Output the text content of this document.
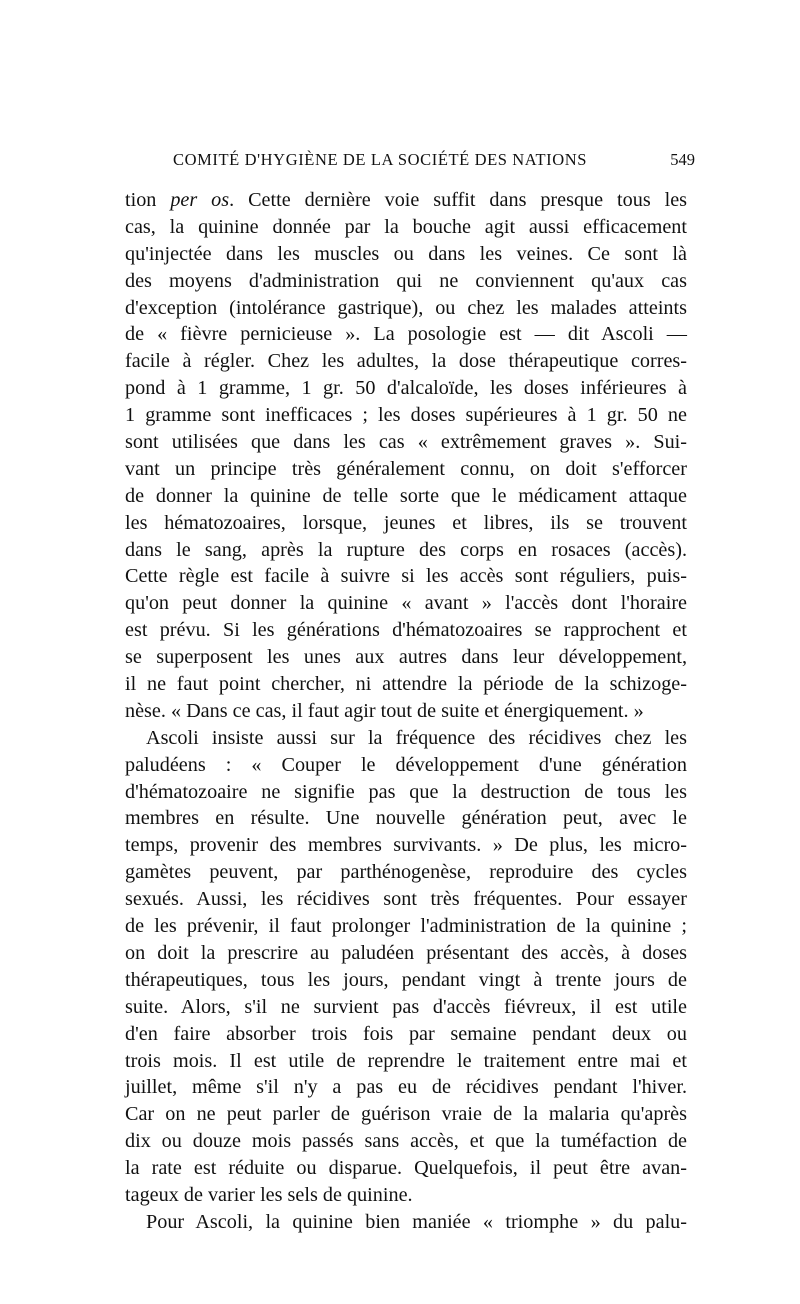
COMITÉ D'HYGIÈNE DE LA SOCIÉTÉ DES NATIONS	549
tion per os. Cette dernière voie suffit dans presque tous les
cas, la quinine donnée par la bouche agit aussi efficacement
qu'injectée dans les muscles ou dans les veines. Ce sont là
des moyens d'administration qui ne conviennent qu'aux cas
d'exception (intolérance gastrique), ou chez les malades atteints
de « fièvre pernicieuse ». La posologie est — dit Ascoli —
facile à régler. Chez les adultes, la dose thérapeutique corres-
pond à 1 gramme, 1 gr. 50 d'alcaloïde, les doses inférieures à
1 gramme sont inefficaces ; les doses supérieures à 1 gr. 50 ne
sont utilisées que dans les cas « extrêmement graves ». Sui-
vant un principe très généralement connu, on doit s'efforcer
de donner la quinine de telle sorte que le médicament attaque
les hématozoaires, lorsque, jeunes et libres, ils se trouvent
dans le sang, après la rupture des corps en rosaces (accès).
Cette règle est facile à suivre si les accès sont réguliers, puis-
qu'on peut donner la quinine « avant » l'accès dont l'horaire
est prévu. Si les générations d'hématozoaires se rapprochent et
se superposent les unes aux autres dans leur développement,
il ne faut point chercher, ni attendre la période de la schizoge-
nèse. « Dans ce cas, il faut agir tout de suite et énergiquement. »
Ascoli insiste aussi sur la fréquence des récidives chez les
paludéens : « Couper le développement d'une génération
d'hématozoaire ne signifie pas que la destruction de tous les
membres en résulte. Une nouvelle génération peut, avec le
temps, provenir des membres survivants. » De plus, les micro-
gamètes peuvent, par parthénogenèse, reproduire des cycles
sexués. Aussi, les récidives sont très fréquentes. Pour essayer
de les prévenir, il faut prolonger l'administration de la quinine ;
on doit la prescrire au paludéen présentant des accès, à doses
thérapeutiques, tous les jours, pendant vingt à trente jours de
suite. Alors, s'il ne survient pas d'accès fiévreux, il est utile
d'en faire absorber trois fois par semaine pendant deux ou
trois mois. Il est utile de reprendre le traitement entre mai et
juillet, même s'il n'y a pas eu de récidives pendant l'hiver.
Car on ne peut parler de guérison vraie de la malaria qu'après
dix ou douze mois passés sans accès, et que la tuméfaction de
la rate est réduite ou disparue. Quelquefois, il peut être avan-
tageux de varier les sels de quinine.
Pour Ascoli, la quinine bien maniée « triomphe » du palu-
